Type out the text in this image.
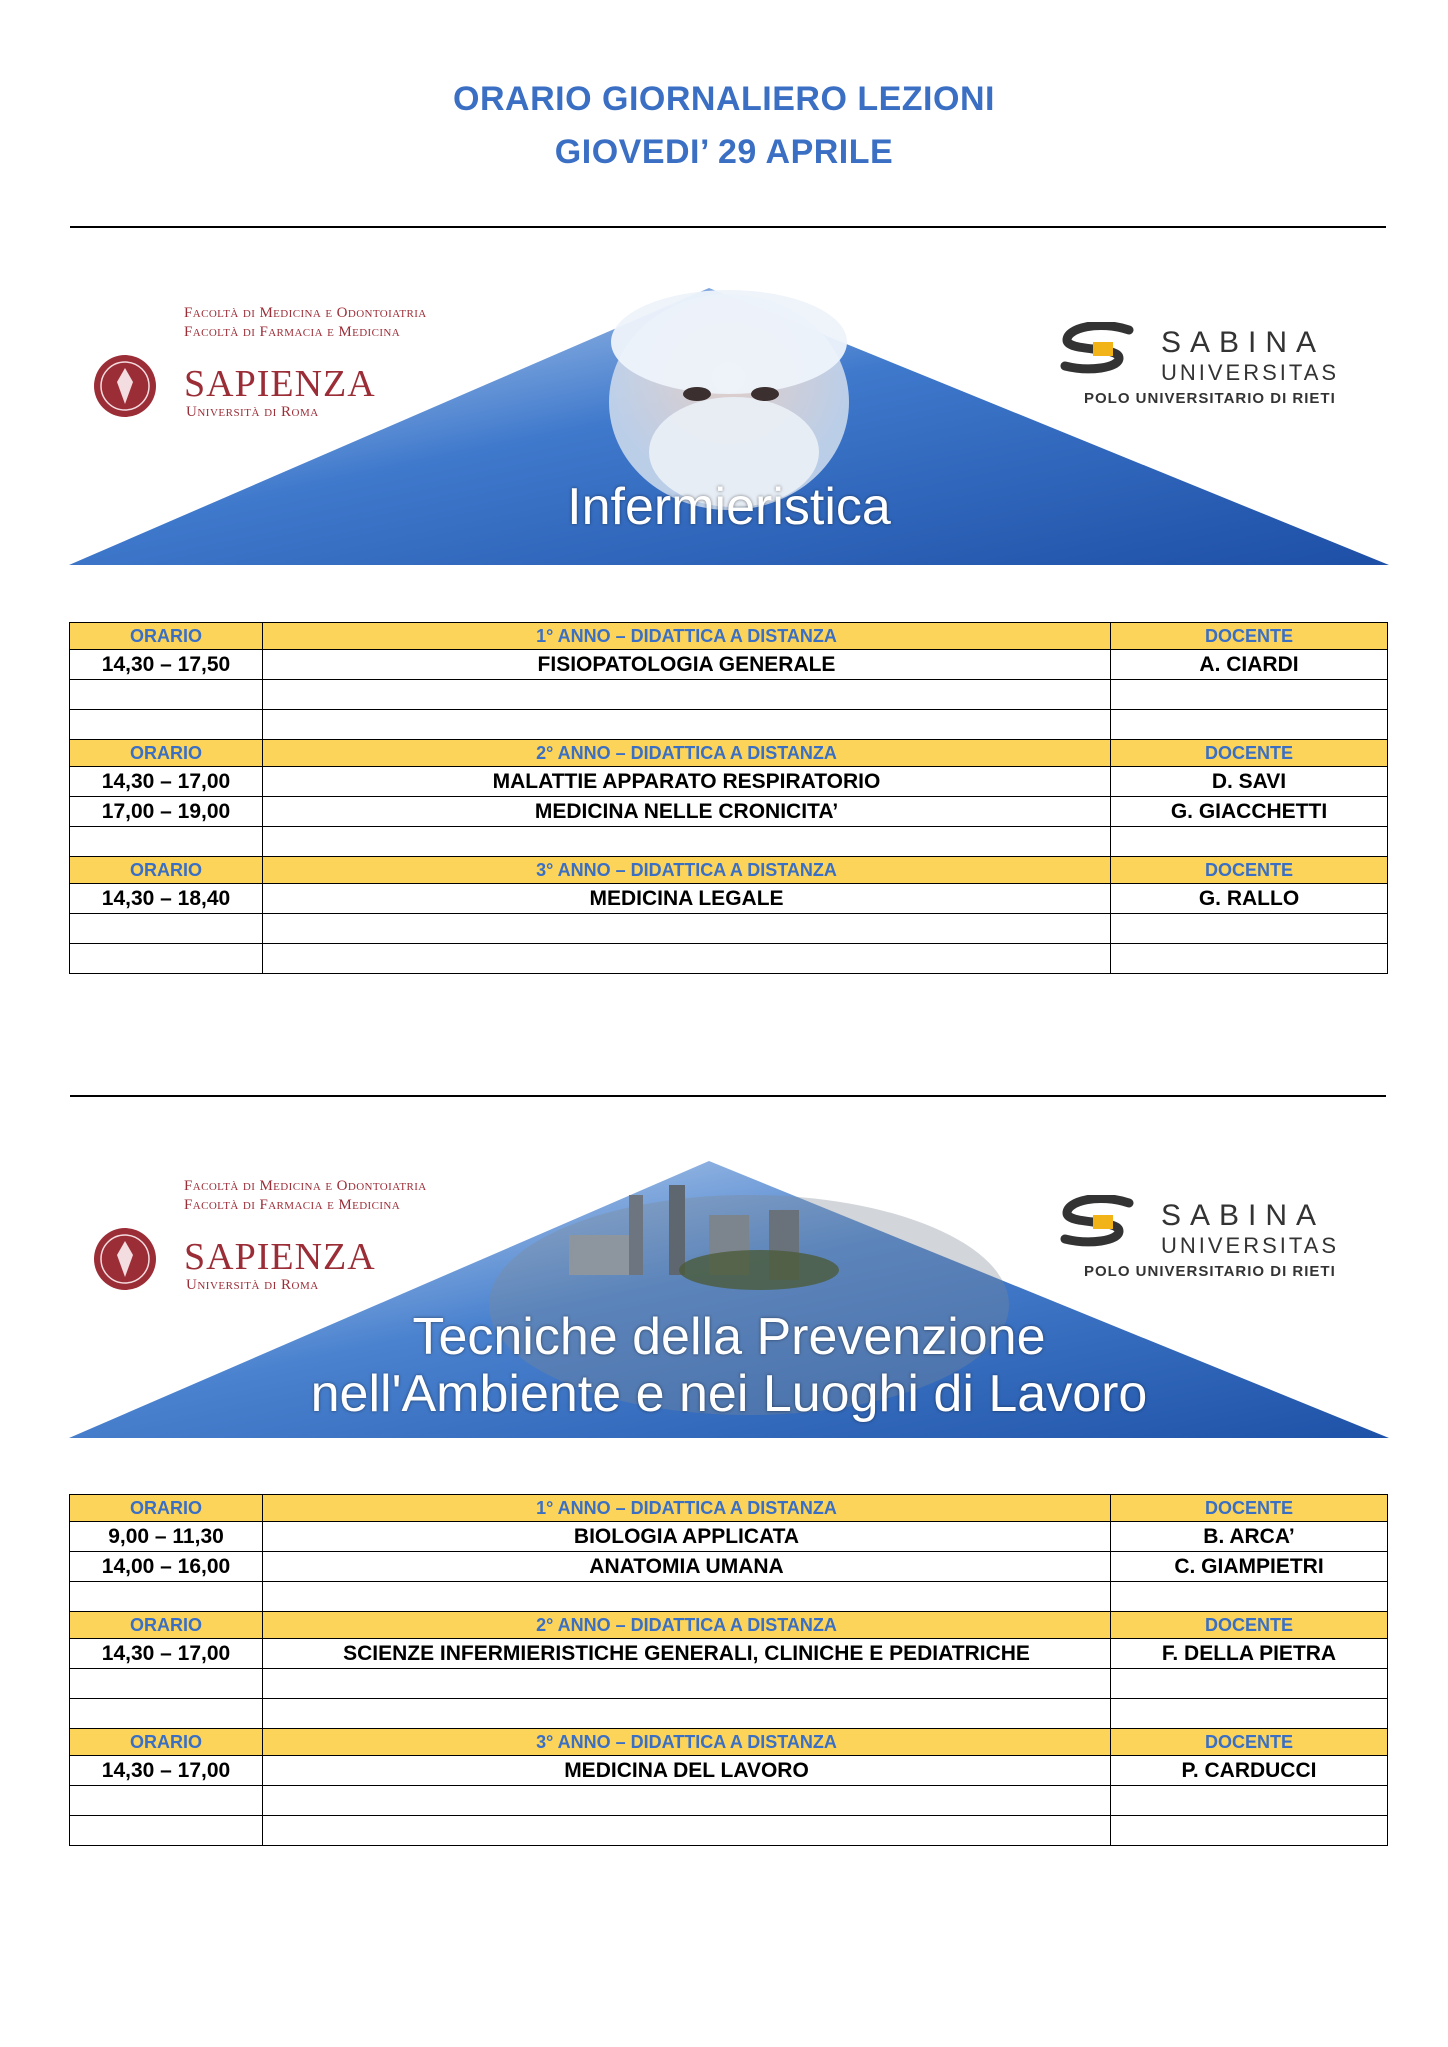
ORARIO GIORNALIERO LEZIONI
GIOVEDI’ 29 APRILE
Infermieristica
Facoltà di Medicina e Odontoiatria
Facoltà di Farmacia e Medicina
SAPIENZA
Università di Roma
SABINA
UNIVERSITAS
POLO UNIVERSITARIO DI RIETI
ORARIO	1° ANNO – DIDATTICA A DISTANZA	DOCENTE
14,30 – 17,50	FISIOPATOLOGIA GENERALE	A. CIARDI

ORARIO	2° ANNO – DIDATTICA A DISTANZA	DOCENTE
14,30 – 17,00	MALATTIE APPARATO RESPIRATORIO	D. SAVI
17,00 – 19,00	MEDICINA NELLE CRONICITA’	G. GIACCHETTI

ORARIO	3° ANNO – DIDATTICA A DISTANZA	DOCENTE
14,30 – 18,40	MEDICINA LEGALE	G. RALLO

Tecniche della Prevenzione
nell'Ambiente e nei Luoghi di Lavoro
Facoltà di Medicina e Odontoiatria
Facoltà di Farmacia e Medicina
SAPIENZA
Università di Roma
SABINA
UNIVERSITAS
POLO UNIVERSITARIO DI RIETI
ORARIO	1° ANNO – DIDATTICA A DISTANZA	DOCENTE
9,00 – 11,30	BIOLOGIA APPLICATA	B. ARCA’
14,00 – 16,00	ANATOMIA UMANA	C. GIAMPIETRI

ORARIO	2° ANNO – DIDATTICA A DISTANZA	DOCENTE
14,30 – 17,00	SCIENZE INFERMIERISTICHE GENERALI, CLINICHE E PEDIATRICHE	F. DELLA PIETRA

ORARIO	3° ANNO – DIDATTICA A DISTANZA	DOCENTE
14,30 – 17,00	MEDICINA DEL LAVORO	P. CARDUCCI
